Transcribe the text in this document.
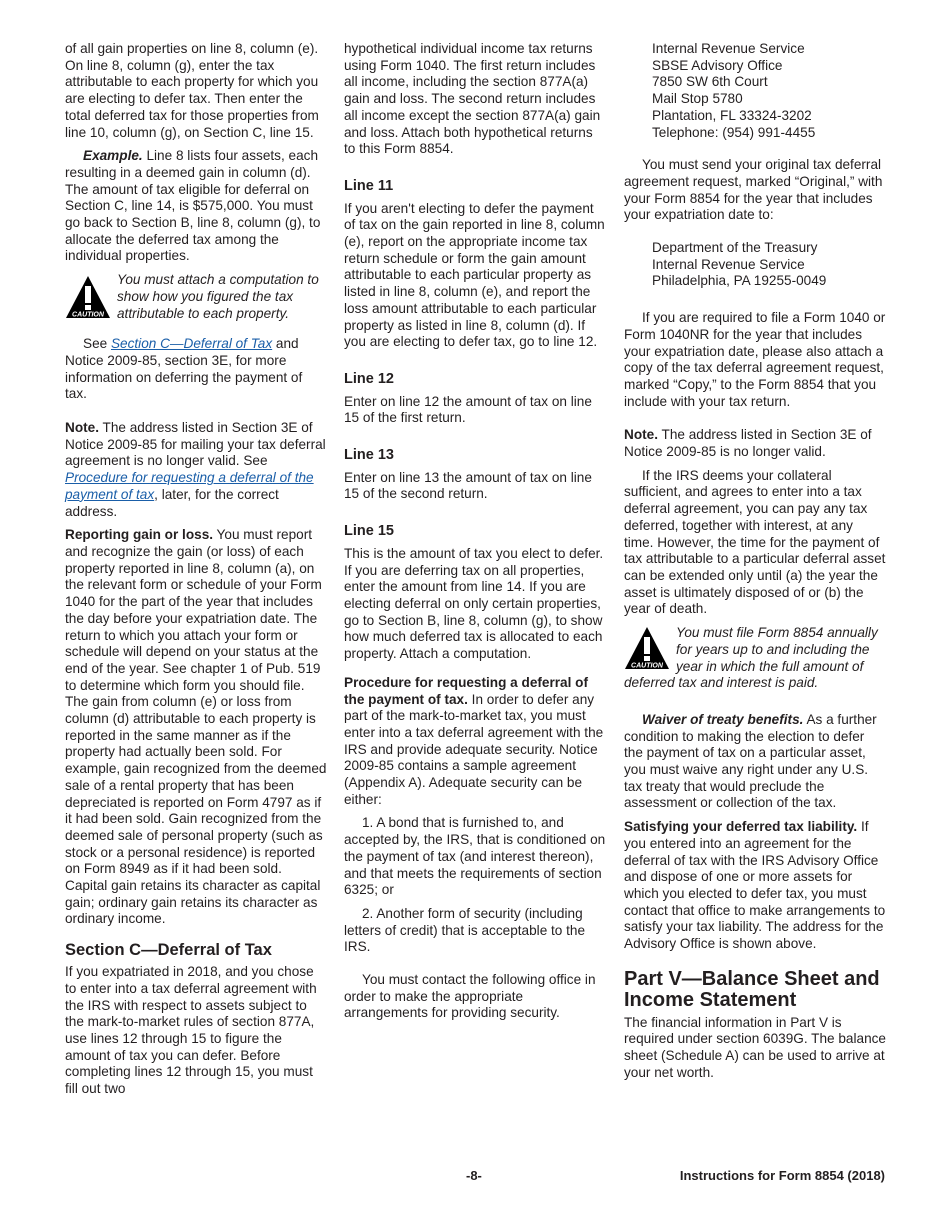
of all gain properties on line 8, column (e). On line 8, column (g), enter the tax attributable to each property for which you are electing to defer tax. Then enter the total deferred tax for those properties from line 10, column (g), on Section C, line 15.

Example. Line 8 lists four assets, each resulting in a deemed gain in column (d). The amount of tax eligible for deferral on Section C, line 14, is $575,000. You must go back to Section B, line 8, column (g), to allocate the deferred tax among the individual properties.

CAUTION
You must attach a computation to show how you figured the tax attributable to each property.

See Section C—Deferral of Tax and Notice 2009-85, section 3E, for more information on deferring the payment of tax.

Note. The address listed in Section 3E of Notice 2009-85 for mailing your tax deferral agreement is no longer valid. See Procedure for requesting a deferral of the payment of tax, later, for the correct address.

Reporting gain or loss. You must report and recognize the gain (or loss) of each property reported in line 8, column (a), on the relevant form or schedule of your Form 1040 for the part of the year that includes the day before your expatriation date. The return to which you attach your form or schedule will depend on your status at the end of the year. See chapter 1 of Pub. 519 to determine which form you should file. The gain from column (e) or loss from column (d) attributable to each property is reported in the same manner as if the property had actually been sold. For example, gain recognized from the deemed sale of a rental property that has been depreciated is reported on Form 4797 as if it had been sold. Gain recognized from the deemed sale of personal property (such as stock or a personal residence) is reported on Form 8949 as if it had been sold. Capital gain retains its character as capital gain; ordinary gain retains its character as ordinary income.

Section C—Deferral of Tax

If you expatriated in 2018, and you chose to enter into a tax deferral agreement with the IRS with respect to assets subject to the mark-to-market rules of section 877A, use lines 12 through 15 to figure the amount of tax you can defer. Before completing lines 12 through 15, you must fill out two

hypothetical individual income tax returns using Form 1040. The first return includes all income, including the section 877A(a) gain and loss. The second return includes all income except the section 877A(a) gain and loss. Attach both hypothetical returns to this Form 8854.

Line 11

If you aren't electing to defer the payment of tax on the gain reported in line 8, column (e), report on the appropriate income tax return schedule or form the gain amount attributable to each particular property as listed in line 8, column (e), and report the loss amount attributable to each particular property as listed in line 8, column (d). If you are electing to defer tax, go to line 12.

Line 12

Enter on line 12 the amount of tax on line 15 of the first return.

Line 13

Enter on line 13 the amount of tax on line 15 of the second return.

Line 15

This is the amount of tax you elect to defer. If you are deferring tax on all properties, enter the amount from line 14. If you are electing deferral on only certain properties, go to Section B, line 8, column (g), to show how much deferred tax is allocated to each property. Attach a computation.

Procedure for requesting a deferral of the payment of tax. In order to defer any part of the mark-to-market tax, you must enter into a tax deferral agreement with the IRS and provide adequate security. Notice 2009-85 contains a sample agreement (Appendix A). Adequate security can be either:

1. A bond that is furnished to, and accepted by, the IRS, that is conditioned on the payment of tax (and interest thereon), and that meets the requirements of section 6325; or

2. Another form of security (including letters of credit) that is acceptable to the IRS.

You must contact the following office in order to make the appropriate arrangements for providing security.

Internal Revenue Service
SBSE Advisory Office
7850 SW 6th Court
Mail Stop 5780
Plantation, FL 33324-3202
Telephone: (954) 991-4455

You must send your original tax deferral agreement request, marked “Original,” with your Form 8854 for the year that includes your expatriation date to:

Department of the Treasury
Internal Revenue Service
Philadelphia, PA 19255-0049

If you are required to file a Form 1040 or Form 1040NR for the year that includes your expatriation date, please also attach a copy of the tax deferral agreement request, marked “Copy,” to the Form 8854 that you include with your tax return.

Note. The address listed in Section 3E of Notice 2009-85 is no longer valid.

If the IRS deems your collateral sufficient, and agrees to enter into a tax deferral agreement, you can pay any tax deferred, together with interest, at any time. However, the time for the payment of tax attributable to a particular deferral asset can be extended only until (a) the year the asset is ultimately disposed of or (b) the year of death.

CAUTION
You must file Form 8854 annually for years up to and including the year in which the full amount of deferred tax and interest is paid.

Waiver of treaty benefits. As a further condition to making the election to defer the payment of tax on a particular asset, you must waive any right under any U.S. tax treaty that would preclude the assessment or collection of the tax.

Satisfying your deferred tax liability. If you entered into an agreement for the deferral of tax with the IRS Advisory Office and dispose of one or more assets for which you elected to defer tax, you must contact that office to make arrangements to satisfy your tax liability. The address for the Advisory Office is shown above.

Part V—Balance Sheet and Income Statement

The financial information in Part V is required under section 6039G. The balance sheet (Schedule A) can be used to arrive at your net worth.

-8-	Instructions for Form 8854 (2018)
